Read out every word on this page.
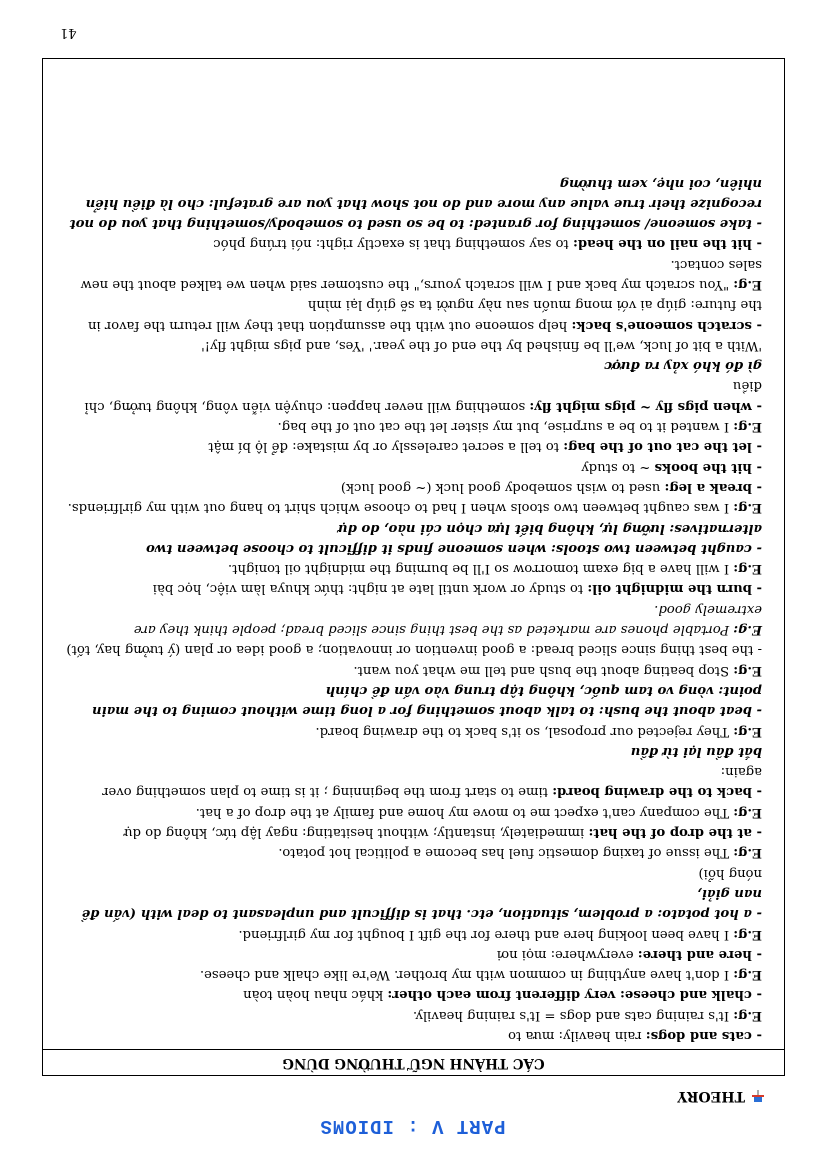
PART V : IDIOMS
THEORY
CÁC THÀNH NGỮ THƯỜNG DÙNG

- cats and dogs: rain heavily: mưa to

E.g: It's raining cats and dogs = It's raining heavily.

- chalk and cheese: very different from each other: khác nhau hoàn toàn

E.g: I don't have anything in common with my brother. We're like chalk and cheese.

- here and there: everywhere: mọi nơi

E.g: I have been looking here and there for the gift I bought for my girlfriend.

- a hot potato: a problem, situation, etc. that is difficult and unpleasant to deal with (vấn đề nan giải,

nóng hổi)

E.g: The issue of taxing domestic fuel has become a political hot potato.

- at the drop of the hat: immediately, instantly; without hesitating: ngay lập tức, không do dự

E.g: The company can't expect me to move my home and family at the drop of a hat.

- back to the drawing board: time to start from the beginning ; it is time to plan something over again:

bắt đầu lại từ đầu

E.g: They rejected our proposal, so it's back to the drawing board.

- beat about the bush: to talk about something for a long time without coming to the main point: vòng vo tam quốc, không tập trung vào vấn đề chính

E.g: Stop beating about the bush and tell me what you want.

- the best thing since sliced bread: a good invention or innovation; a good idea or plan (ý tưởng hay, tốt)

E.g: Portable phones are marketed as the best thing since sliced bread; people think they are extremely good.

- burn the midnight oil: to study or work until late at night: thức khuya làm việc, học bài

E.g: I will have a big exam tomorrow so I'll be burning the midnight oil tonight.

- caught between two stools: when someone finds it difficult to choose between two alternatives: lưỡng lự, không biết lựa chọn cái nào, do dự

E.g: I was caught between two stools when I had to choose which shirt to hang out with my girlfriends.

- break a leg: used to wish somebody good luck (~ good luck)

- hit the books ~ to study

- let the cat out of the bag: to tell a secret carelessly or by mistake: để lộ bí mật

E.g: I wanted it to be a surprise, but my sister let the cat out of the bag.

- when pigs fly ~ pigs might fly: something will never happen: chuyện viễn vông, không tưởng, chỉ điều

gì đó khó xảy ra được

'With a bit of luck, we'll be finished by the end of the year.' 'Yes, and pigs might fly!'

- scratch someone's back: help someone out with the assumption that they will return the favor in the future: giúp ai với mong muốn sau này người ta sẽ giúp lại mình

E.g: "You scratch my back and I will scratch yours," the customer said when we talked about the new sales contact.

- hit the nail on the head: to say something that is exactly right: nói trúng phóc

- take someone/ something for granted: to be so used to somebody/something that you do not recognize their true value any more and do not show that you are grateful: cho là điều hiển nhiên, coi nhẹ, xem thường

41
